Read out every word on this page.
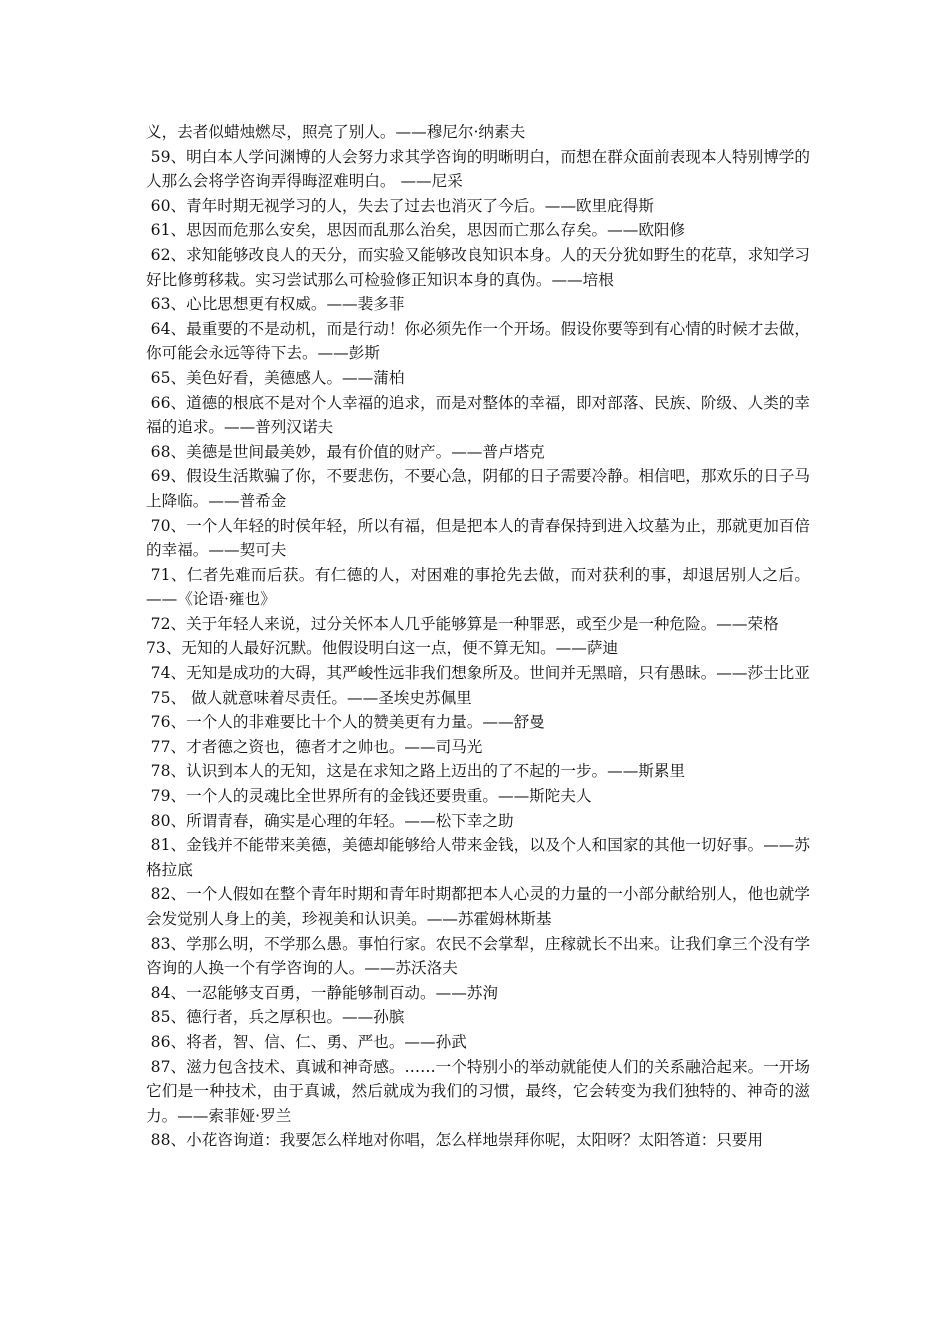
义，去者似蜡烛燃尽，照亮了别人。——穆尼尔·纳素夫

59、明白本人学问渊博的人会努力求其学咨询的明晰明白，而想在群众面前表现本人特别博学的人那么会将学咨询弄得晦涩难明白。 ——尼采

60、青年时期无视学习的人，失去了过去也消灭了今后。——欧里庇得斯

61、思因而危那么安矣，思因而乱那么治矣，思因而亡那么存矣。——欧阳修

62、求知能够改良人的天分，而实验又能够改良知识本身。人的天分犹如野生的花草，求知学习好比修剪移栽。实习尝试那么可检验修正知识本身的真伪。——培根

63、心比思想更有权威。——裴多菲

64、最重要的不是动机，而是行动！你必须先作一个开场。假设你要等到有心情的时候才去做，你可能会永远等待下去。——彭斯

65、美色好看，美德感人。——蒲柏

66、道德的根底不是对个人幸福的追求，而是对整体的幸福，即对部落、民族、阶级、人类的幸福的追求。——普列汉诺夫

68、美德是世间最美妙，最有价值的财产。——普卢塔克

69、假设生活欺骗了你，不要悲伤，不要心急，阴郁的日子需要冷静。相信吧，那欢乐的日子马上降临。——普希金

70、一个人年轻的时侯年轻，所以有福，但是把本人的青春保持到进入坟墓为止，那就更加百倍的幸福。——契可夫

71、仁者先难而后获。有仁德的人，对困难的事抢先去做，而对获利的事，却退居别人之后。——《论语·雍也》

72、关于年轻人来说，过分关怀本人几乎能够算是一种罪恶，或至少是一种危险。——荣格

73、无知的人最好沉默。他假设明白这一点，便不算无知。——萨迪

74、无知是成功的大碍，其严峻性远非我们想象所及。世间并无黑暗，只有愚昧。——莎士比亚

75、 做人就意味着尽责任。——圣埃史苏佩里

76、一个人的非难要比十个人的赞美更有力量。——舒曼

77、才者德之资也，德者才之帅也。——司马光

78、认识到本人的无知，这是在求知之路上迈出的了不起的一步。——斯累里

79、一个人的灵魂比全世界所有的金钱还要贵重。——斯陀夫人

80、所谓青春，确实是心理的年轻。——松下幸之助

81、金钱并不能带来美德，美德却能够给人带来金钱，以及个人和国家的其他一切好事。——苏格拉底

82、一个人假如在整个青年时期和青年时期都把本人心灵的力量的一小部分献给别人，他也就学会发觉别人身上的美，珍视美和认识美。——苏霍姆林斯基

83、学那么明，不学那么愚。事怕行家。农民不会掌犁，庄稼就长不出来。让我们拿三个没有学咨询的人换一个有学咨询的人。——苏沃洛夫

84、一忍能够支百勇，一静能够制百动。——苏洵

85、德行者，兵之厚积也。——孙膑

86、将者，智、信、仁、勇、严也。——孙武

87、滋力包含技术、真诚和神奇感。……一个特别小的举动就能使人们的关系融洽起来。一开场它们是一种技术，由于真诚，然后就成为我们的习惯，最终，它会转变为我们独特的、神奇的滋力。——索菲娅·罗兰

88、小花咨询道：我要怎么样地对你唱，怎么样地崇拜你呢，太阳呀？太阳答道：只要用
